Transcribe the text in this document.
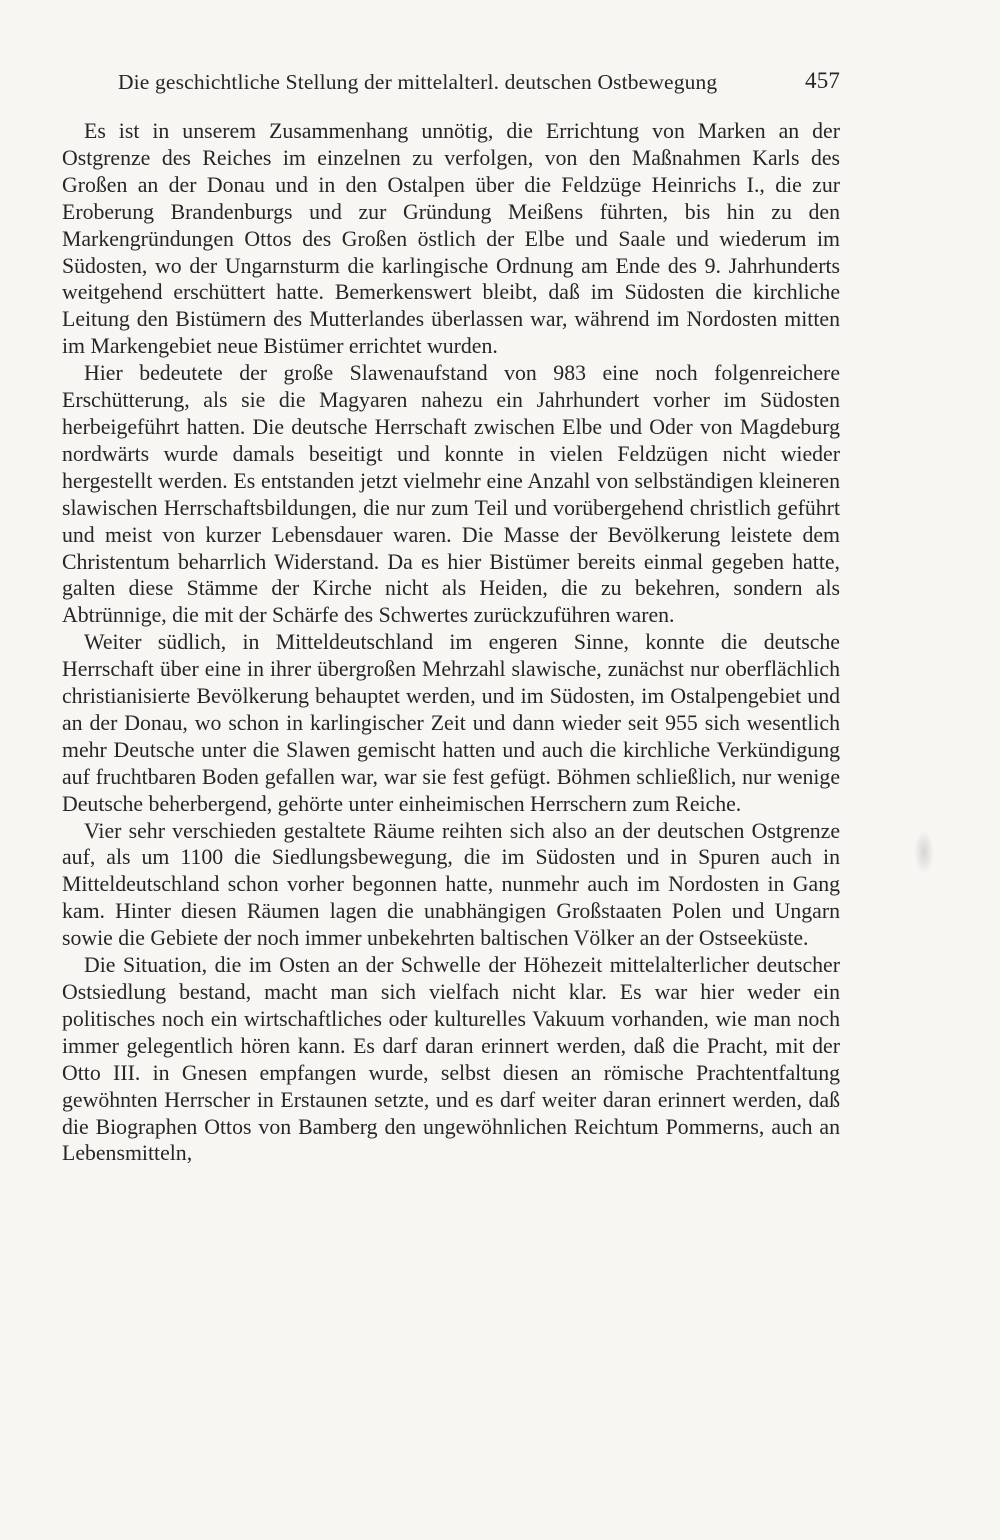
Die geschichtliche Stellung der mittelalterl. deutschen Ostbewegung	457

Es ist in unserem Zusammenhang unnötig, die Errichtung von Marken an der Ostgrenze des Reiches im einzelnen zu verfolgen, von den Maßnahmen Karls des Großen an der Donau und in den Ostalpen über die Feldzüge Heinrichs I., die zur Eroberung Brandenburgs und zur Gründung Meißens führten, bis hin zu den Markengründungen Ottos des Großen östlich der Elbe und Saale und wiederum im Südosten, wo der Ungarnsturm die karlingische Ordnung am Ende des 9. Jahrhunderts weitgehend erschüttert hatte. Bemerkenswert bleibt, daß im Südosten die kirchliche Leitung den Bistümern des Mutterlandes überlassen war, während im Nordosten mitten im Markengebiet neue Bistümer errichtet wurden.

Hier bedeutete der große Slawenaufstand von 983 eine noch folgenreichere Erschütterung, als sie die Magyaren nahezu ein Jahrhundert vorher im Südosten herbeigeführt hatten. Die deutsche Herrschaft zwischen Elbe und Oder von Magdeburg nordwärts wurde damals beseitigt und konnte in vielen Feldzügen nicht wieder hergestellt werden. Es entstanden jetzt vielmehr eine Anzahl von selbständigen kleineren slawischen Herrschaftsbildungen, die nur zum Teil und vorübergehend christlich geführt und meist von kurzer Lebensdauer waren. Die Masse der Bevölkerung leistete dem Christentum beharrlich Widerstand. Da es hier Bistümer bereits einmal gegeben hatte, galten diese Stämme der Kirche nicht als Heiden, die zu bekehren, sondern als Abtrünnige, die mit der Schärfe des Schwertes zurückzuführen waren.

Weiter südlich, in Mitteldeutschland im engeren Sinne, konnte die deutsche Herrschaft über eine in ihrer übergroßen Mehrzahl slawische, zunächst nur oberflächlich christianisierte Bevölkerung behauptet werden, und im Südosten, im Ostalpengebiet und an der Donau, wo schon in karlingischer Zeit und dann wieder seit 955 sich wesentlich mehr Deutsche unter die Slawen gemischt hatten und auch die kirchliche Verkündigung auf fruchtbaren Boden gefallen war, war sie fest gefügt. Böhmen schließlich, nur wenige Deutsche beherbergend, gehörte unter einheimischen Herrschern zum Reiche.

Vier sehr verschieden gestaltete Räume reihten sich also an der deutschen Ostgrenze auf, als um 1100 die Siedlungsbewegung, die im Südosten und in Spuren auch in Mitteldeutschland schon vorher begonnen hatte, nunmehr auch im Nordosten in Gang kam. Hinter diesen Räumen lagen die unabhängigen Großstaaten Polen und Ungarn sowie die Gebiete der noch immer unbekehrten baltischen Völker an der Ostseeküste.

Die Situation, die im Osten an der Schwelle der Höhezeit mittelalterlicher deutscher Ostsiedlung bestand, macht man sich vielfach nicht klar. Es war hier weder ein politisches noch ein wirtschaftliches oder kulturelles Vakuum vorhanden, wie man noch immer gelegentlich hören kann. Es darf daran erinnert werden, daß die Pracht, mit der Otto III. in Gnesen empfangen wurde, selbst diesen an römische Prachtentfaltung gewöhnten Herrscher in Erstaunen setzte, und es darf weiter daran erinnert werden, daß die Biographen Ottos von Bamberg den ungewöhnlichen Reichtum Pommerns, auch an Lebensmitteln,
